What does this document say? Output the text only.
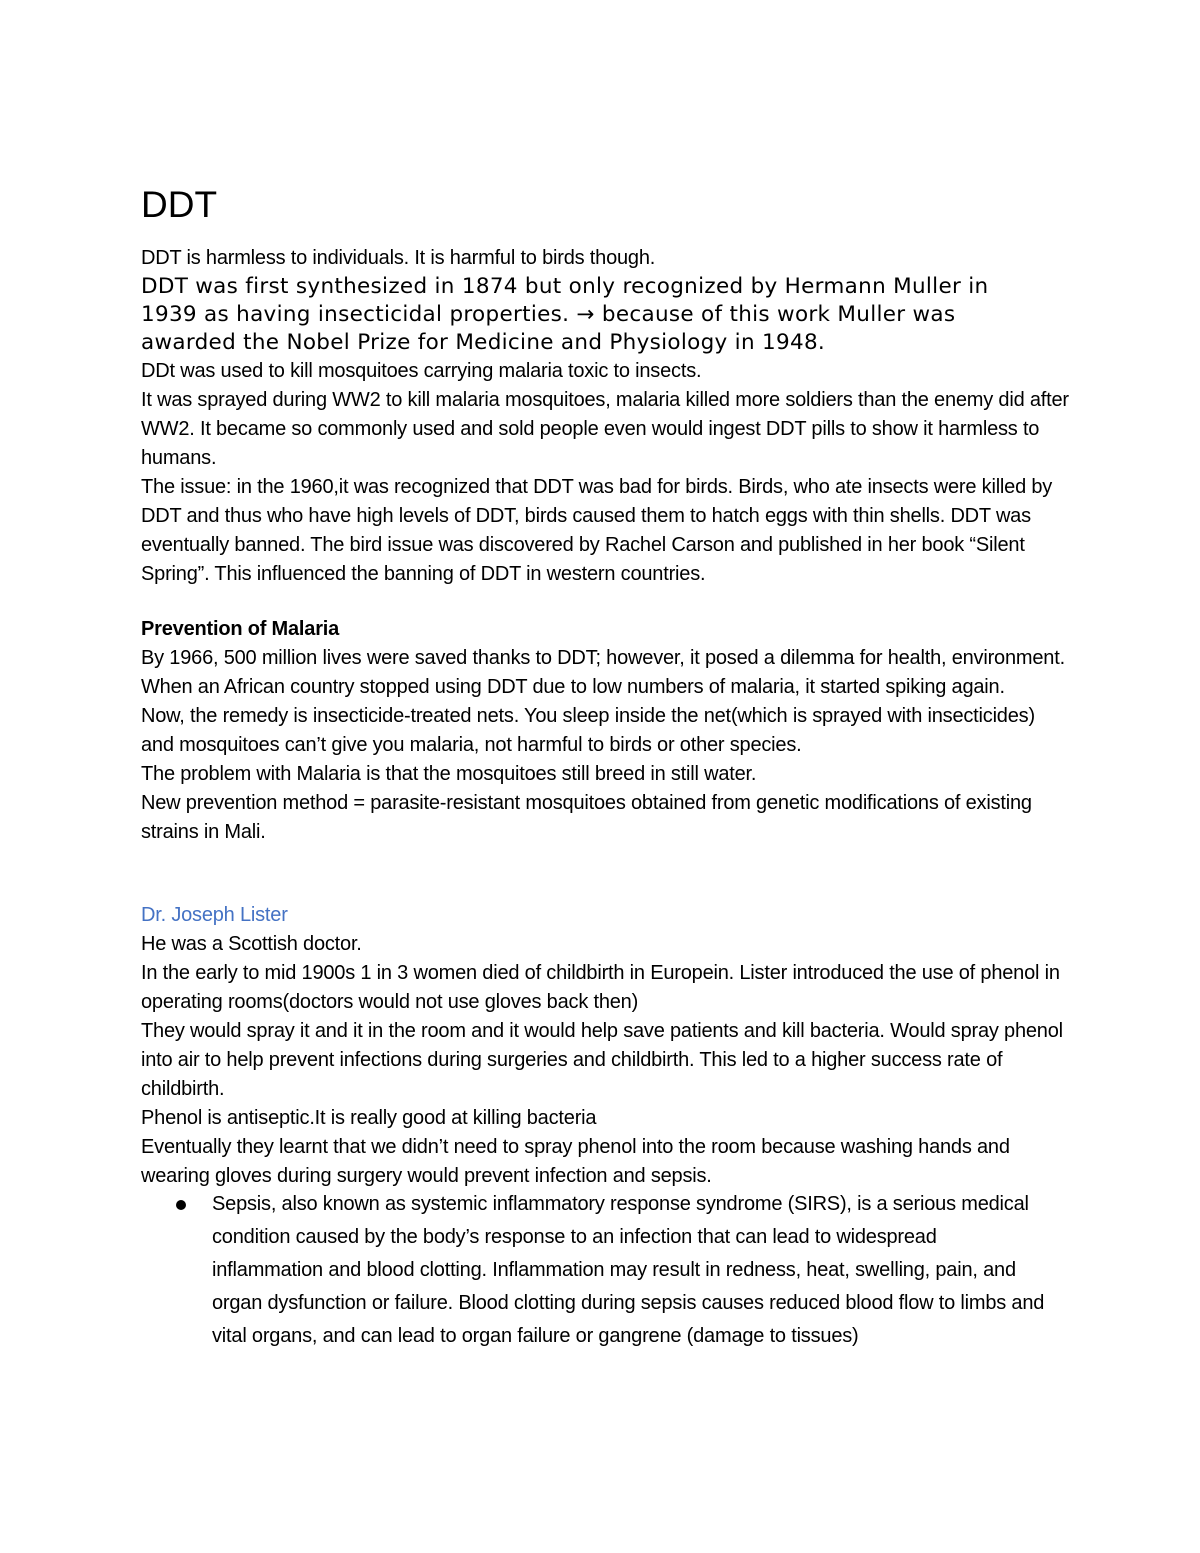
DDT

DDT is harmless to individuals. It is harmful to birds though.

DDT was first synthesized in 1874 but only recognized by Hermann Muller in

1939 as having insecticidal properties. → because of this work Muller was

awarded the Nobel Prize for Medicine and Physiology in 1948.

DDt was used to kill mosquitoes carrying malaria toxic to insects.

It was sprayed during WW2 to kill malaria mosquitoes, malaria killed more soldiers than the enemy did after WW2. It became so commonly used and sold people even would ingest DDT pills to show it harmless to humans.

The issue: in the 1960,it was recognized that DDT was bad for birds. Birds, who ate insects were killed by DDT and thus who have high levels of DDT, birds caused them to hatch eggs with thin shells. DDT was eventually banned. The bird issue was discovered by Rachel Carson and published in her book “Silent Spring”. This influenced the banning of DDT in western countries.

Prevention of Malaria

By 1966, 500 million lives were saved thanks to DDT; however, it posed a dilemma for health, environment. When an African country stopped using DDT due to low numbers of malaria, it started spiking again.

Now, the remedy is insecticide-treated nets. You sleep inside the net(which is sprayed with insecticides) and mosquitoes can’t give you malaria, not harmful to birds or other species.

The problem with Malaria is that the mosquitoes still breed in still water.

New prevention method = parasite-resistant mosquitoes obtained from genetic modifications of existing strains in Mali.

Dr. Joseph Lister

He was a Scottish doctor.

In the early to mid 1900s 1 in 3 women died of childbirth in Europein. Lister introduced the use of phenol in operating rooms(doctors would not use gloves back then)

They would spray it and it in the room and it would help save patients and kill bacteria. Would spray phenol into air to help prevent infections during surgeries and childbirth. This led to a higher success rate of childbirth.

Phenol is antiseptic.It is really good at killing bacteria

Eventually they learnt that we didn’t need to spray phenol into the room because washing hands and wearing gloves during surgery would prevent infection and sepsis.

Sepsis, also known as systemic inflammatory response syndrome (SIRS), is a serious medical condition caused by the body’s response to an infection that can lead to widespread inflammation and blood clotting. Inflammation may result in redness, heat, swelling, pain, and organ dysfunction or failure. Blood clotting during sepsis causes reduced blood flow to limbs and vital organs, and can lead to organ failure or gangrene (damage to tissues)
